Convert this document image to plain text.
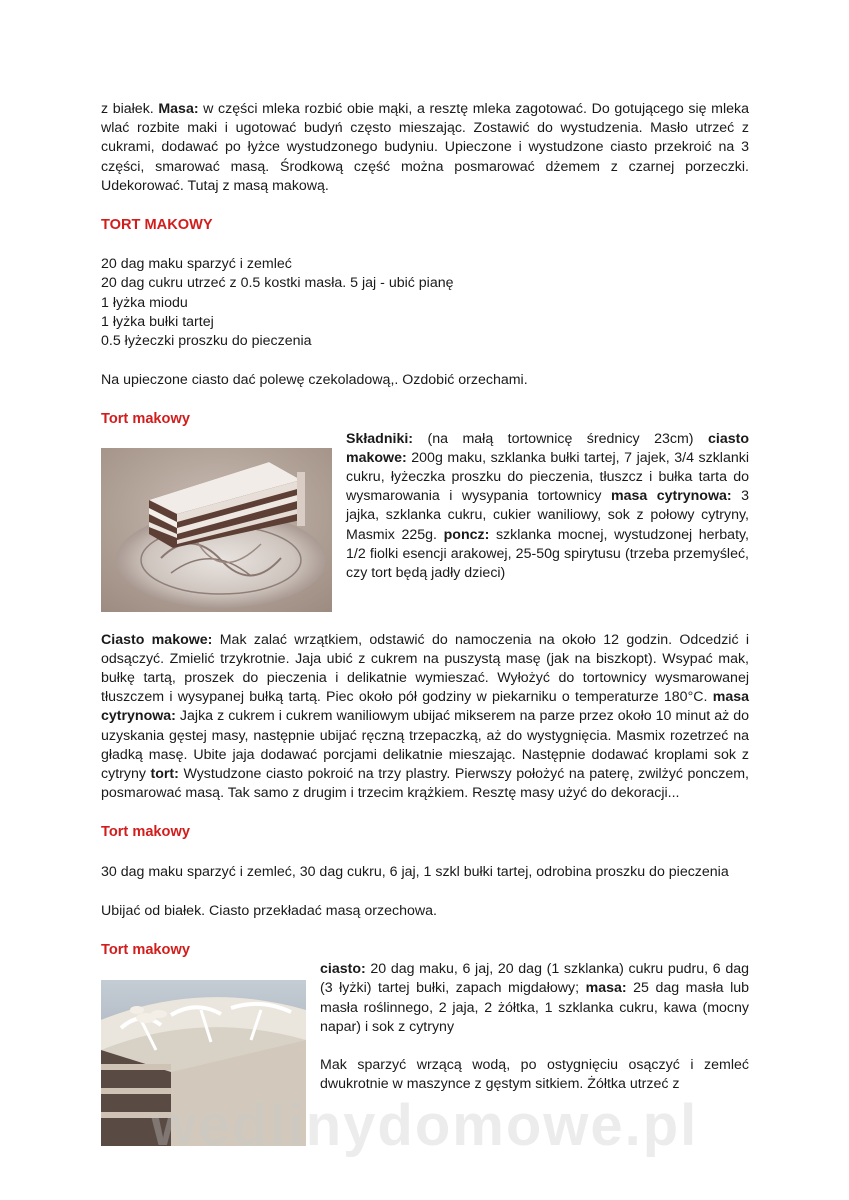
z białek. Masa: w części mleka rozbić obie mąki, a resztę mleka zagotować. Do gotującego się mleka wlać rozbite maki i ugotować budyń często mieszając. Zostawić do wystudzenia. Masło utrzeć z cukrami, dodawać po łyżce wystudzonego budyniu. Upieczone i wystudzone ciasto przekroić na 3 części, smarować masą. Środkową część można posmarować dżemem z czarnej porzeczki. Udekorować. Tutaj z masą makową.

TORT MAKOWY

20 dag maku sparzyć i zemleć

20 dag cukru utrzeć z 0.5 kostki masła. 5 jaj - ubić pianę

1 łyżka miodu

1 łyżka bułki tartej

0.5 łyżeczki proszku do pieczenia

Na upieczone ciasto dać polewę czekoladową,. Ozdobić orzechami.

Tort makowy

Składniki: (na małą tortownicę średnicy 23cm) ciasto makowe: 200g maku, szklanka bułki tartej, 7 jajek, 3/4 szklanki cukru, łyżeczka proszku do pieczenia, tłuszcz i bułka tarta do wysmarowania i wysypania tortownicy masa cytrynowa: 3 jajka, szklanka cukru, cukier waniliowy, sok z połowy cytryny, Masmix 225g. poncz: szklanka mocnej, wystudzonej herbaty, 1/2 fiolki esencji arakowej, 25-50g spirytusu (trzeba przemyśleć, czy tort będą jadły dzieci)

Ciasto makowe: Mak zalać wrzątkiem, odstawić do namoczenia na około 12 godzin. Odcedzić i odsączyć. Zmielić trzykrotnie. Jaja ubić z cukrem na puszystą masę (jak na biszkopt). Wsypać mak, bułkę tartą, proszek do pieczenia i delikatnie wymieszać. Wyłożyć do tortownicy wysmarowanej tłuszczem i wysypanej bułką tartą. Piec około pół godziny w piekarniku o temperaturze 180°C. masa cytrynowa: Jajka z cukrem i cukrem waniliowym ubijać mikserem na parze przez około 10 minut aż do uzyskania gęstej masy, następnie ubijać ręczną trzepaczką, aż do wystygnięcia. Masmix rozetrzeć na gładką masę. Ubite jaja dodawać porcjami delikatnie mieszając. Następnie dodawać kroplami sok z cytryny tort: Wystudzone ciasto pokroić na trzy plastry. Pierwszy położyć na paterę, zwilżyć ponczem, posmarować masą. Tak samo z drugim i trzecim krążkiem. Resztę masy użyć do dekoracji...

Tort makowy

30 dag maku sparzyć i zemleć, 30 dag cukru, 6 jaj, 1 szkl bułki tartej, odrobina proszku do pieczenia

Ubijać od białek. Ciasto przekładać masą orzechowa.

Tort makowy

ciasto: 20 dag maku, 6 jaj, 20 dag (1 szklanka) cukru pudru, 6 dag (3 łyżki) tartej bułki, zapach migdałowy; masa: 25 dag masła lub masła roślinnego, 2 jaja, 2 żółtka, 1 szklanka cukru, kawa (mocny napar) i sok z cytryny
Mak sparzyć wrzącą wodą, po ostygnięciu osączyć i zemleć dwukrotnie w maszynce z gęstym sitkiem. Żółtka utrzeć z
wedlinydomowe.pl
